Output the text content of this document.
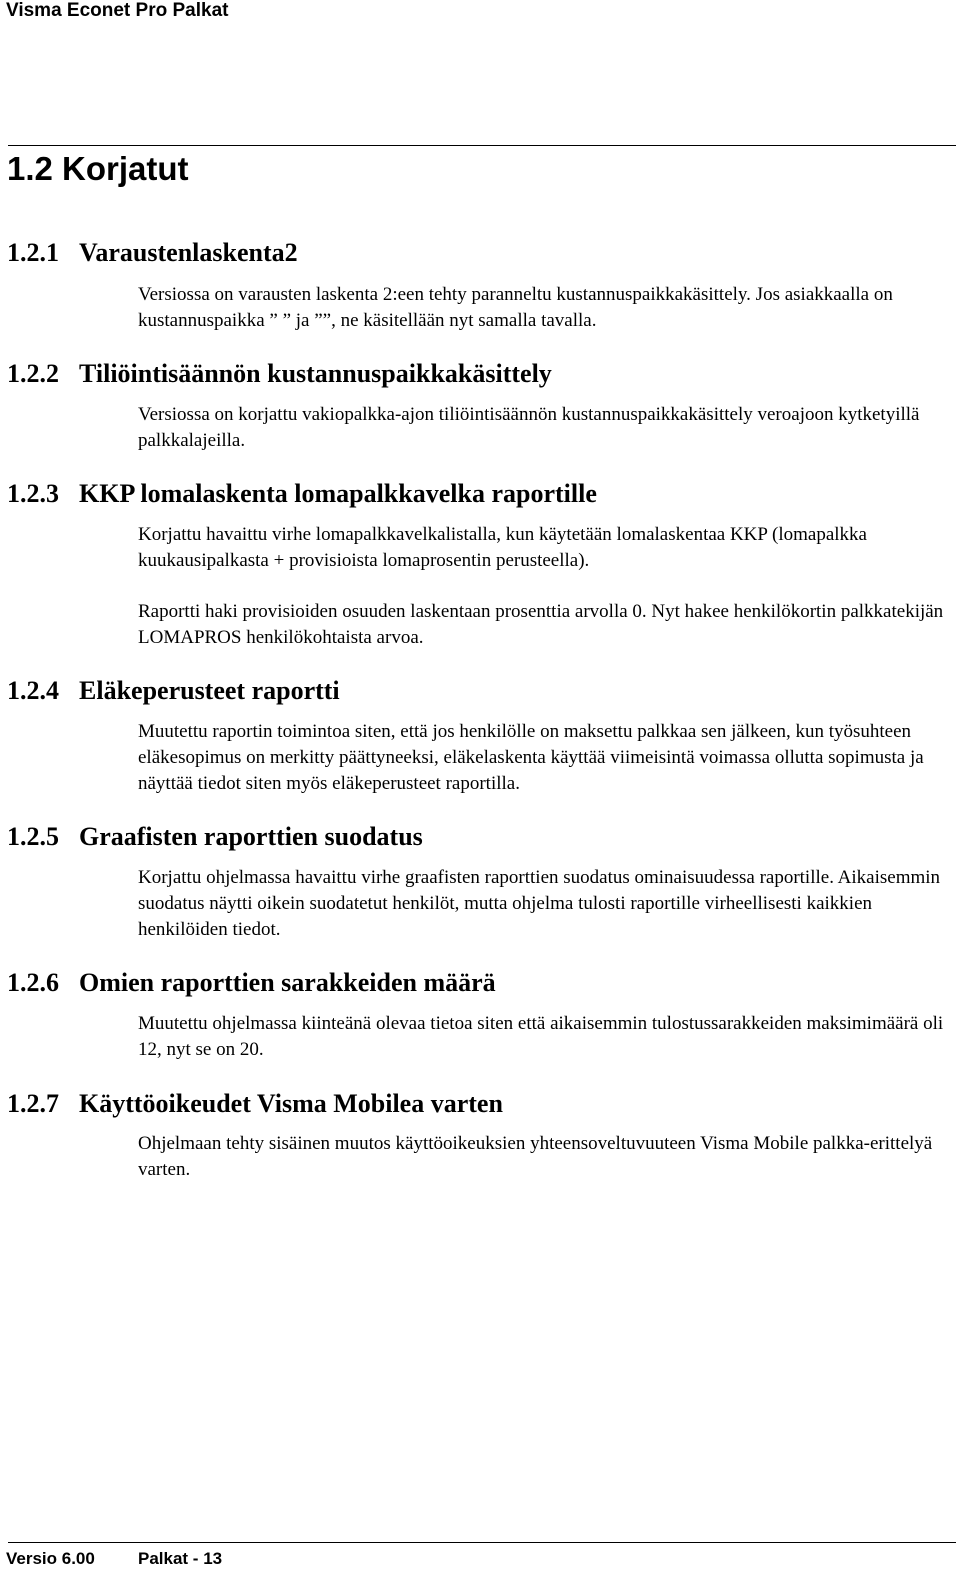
Visma Econet Pro Palkat
1.2 Korjatut
1.2.1 Varaustenlaskenta2

Versiossa on varausten laskenta 2:een tehty paranneltu kustannuspaikkakäsittely. Jos asiakkaalla on kustannuspaikka ” ” ja ””, ne käsitellään nyt samalla tavalla.

1.2.2 Tiliöintisäännön kustannuspaikkakäsittely

Versiossa on korjattu vakiopalkka-ajon tiliöintisäännön kustannuspaikkakäsittely veroajoon kytketyillä palkkalajeilla.

1.2.3 KKP lomalaskenta lomapalkkavelka raportille

Korjattu havaittu virhe lomapalkkavelkalistalla, kun käytetään lomalaskentaa KKP (lomapalkka kuukausipalkasta + provisioista lomaprosentin perusteella).

Raportti haki provisioiden osuuden laskentaan prosenttia arvolla 0. Nyt hakee henkilökortin palkkatekijän LOMAPROS henkilökohtaista arvoa.

1.2.4 Eläkeperusteet raportti

Muutettu raportin toimintoa siten, että jos henkilölle on maksettu palkkaa sen jälkeen, kun työsuhteen eläkesopimus on merkitty päättyneeksi, eläkelaskenta käyttää viimeisintä voimassa ollutta sopimusta ja näyttää tiedot siten myös eläkeperusteet raportilla.

1.2.5 Graafisten raporttien suodatus

Korjattu ohjelmassa havaittu virhe graafisten raporttien suodatus ominaisuudessa raportille. Aikaisemmin suodatus näytti oikein suodatetut henkilöt, mutta ohjelma tulosti raportille virheellisesti kaikkien henkilöiden tiedot.

1.2.6 Omien raporttien sarakkeiden määrä

Muutettu ohjelmassa kiinteänä olevaa tietoa siten että aikaisemmin tulostussarakkeiden maksimimäärä oli 12, nyt se on 20.

1.2.7 Käyttöoikeudet Visma Mobilea varten

Ohjelmaan tehty sisäinen muutos käyttöoikeuksien yhteensoveltuvuuteen Visma Mobile palkka-erittelyä varten.

Versio 6.00	Palkat - 13
